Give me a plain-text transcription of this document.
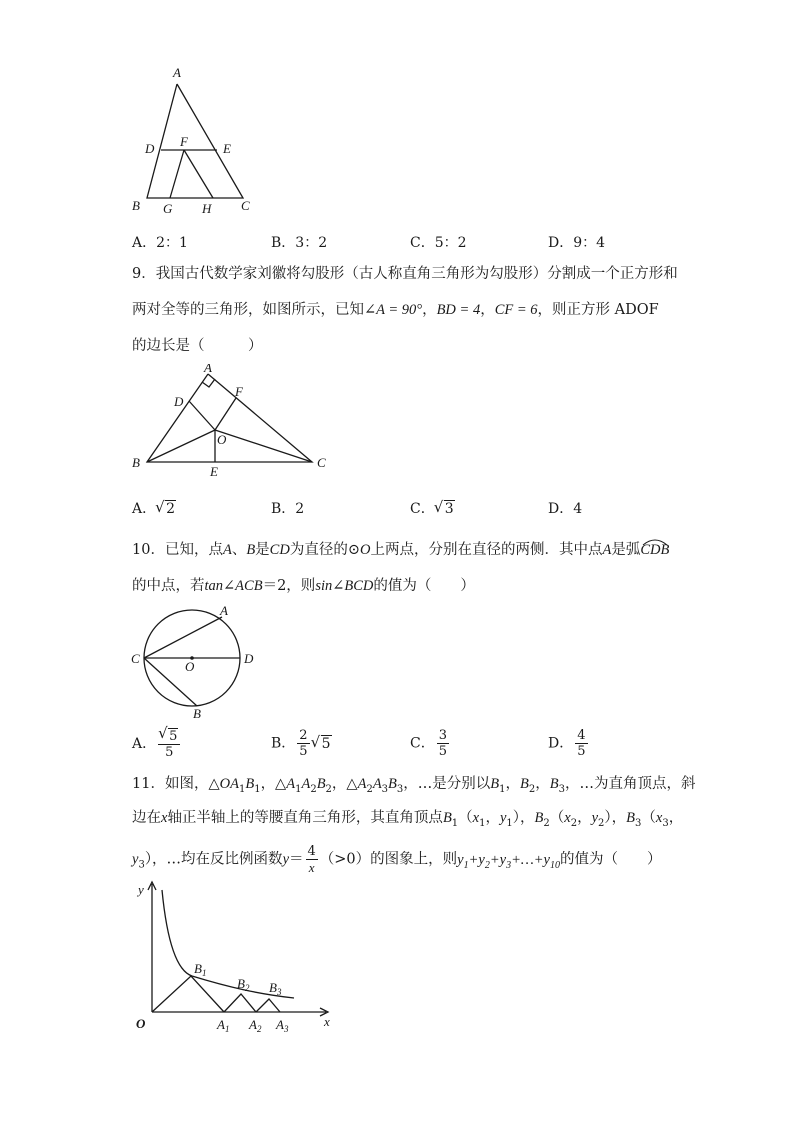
A
D F	E
B G H C
A．2：1	B．3：2	C．5：2	D．9：4
9．我国古代数学家刘徽将勾股形（古人称直角三角形为勾股形）分割成一个正方形和
两对全等的三角形，如图所示，已知∠A = 90°，BD = 4，CF = 6，则正方形 ADOF
的边长是（　　　）
A
D
F
O
B
E
C
A． √ 2	B．2	C． √ 3	D．4
10．已知，点A、B是CD为直径的⊙O上两点，分别在直径的两侧．其中点A是弧CDB
的中点，若tan∠ACB＝2，则sin∠BCD的值为（　　）
A
C	D
O
B
A． √ $\frac{5}{5}$	B． $\frac{2}{5}$ √ 5	C． $\frac{3}{5}$	D． $\frac{4}{5}$
11．如图，$\triangle OA_1B_1$，$\triangle A_1A_2B_2$，$\triangle A_2A_3B_3$，…是分别以$B_1$，$B_2$，$B_3$，…为直角顶点，斜
边在x轴正半轴上的等腰直角三角形，其直角顶点$B_1(x_1$，$y_1$），$B_2(x_2$，$y_2$），$B_3(x_3$，
$y_3$），…均在反比例函数$y= \frac{4}{x} (>0)$的图象上，则$y_1+y_2+y_3+\dots+y_{10}$的值为（　　）
y
x
O
$B_1$
$B_2$ $B_3$
$A_1$ $A_2$ $A_3$
